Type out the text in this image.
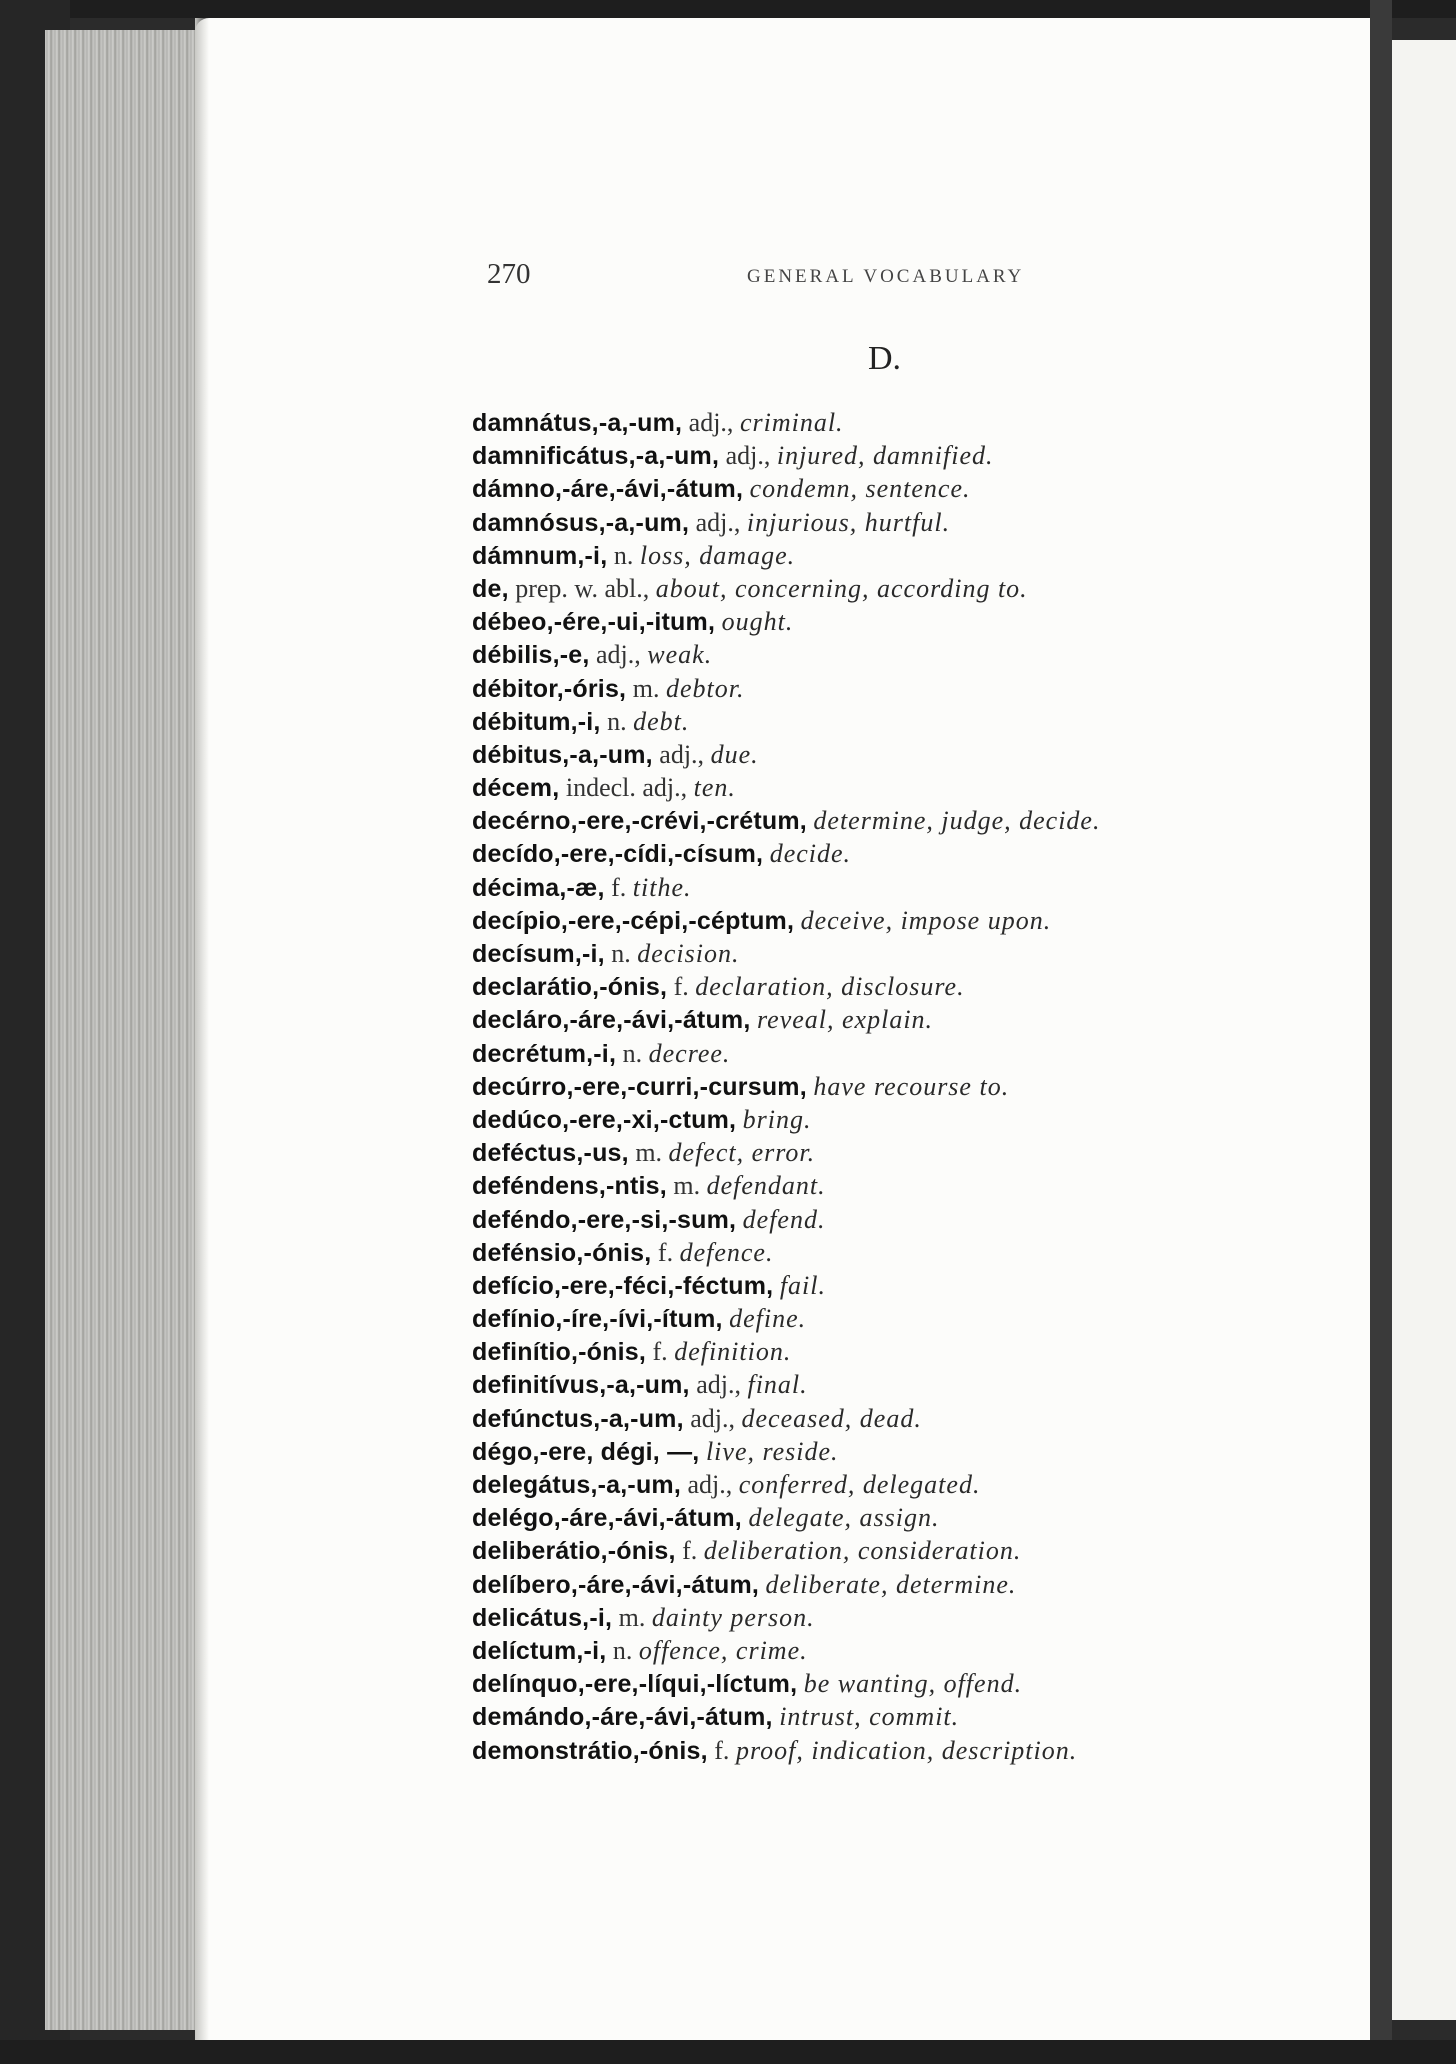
270	GENERAL VOCABULARY
D.
damnátus,-a,-um, adj., criminal.
damnificátus,-a,-um, adj., injured, damnified.
dámno,-áre,-ávi,-átum, condemn, sentence.
damnósus,-a,-um, adj., injurious, hurtful.
dámnum,-i, n. loss, damage.
de, prep. w. abl., about, concerning, according to.
débeo,-ére,-ui,-itum, ought.
débilis,-e, adj., weak.
débitor,-óris, m. debtor.
débitum,-i, n. debt.
débitus,-a,-um, adj., due.
décem, indecl. adj., ten.
decérno,-ere,-crévi,-crétum, determine, judge, decide.
decído,-ere,-cídi,-císum, decide.
décima,-æ, f. tithe.
decípio,-ere,-cépi,-céptum, deceive, impose upon.
decísum,-i, n. decision.
declarátio,-ónis, f. declaration, disclosure.
decláro,-áre,-ávi,-átum, reveal, explain.
decrétum,-i, n. decree.
decúrro,-ere,-curri,-cursum, have recourse to.
dedúco,-ere,-xi,-ctum, bring.
deféctus,-us, m. defect, error.
deféndens,-ntis, m. defendant.
deféndo,-ere,-si,-sum, defend.
defénsio,-ónis, f. defence.
defício,-ere,-féci,-féctum, fail.
defínio,-íre,-ívi,-ítum, define.
definítio,-ónis, f. definition.
definitívus,-a,-um, adj., final.
defúnctus,-a,-um, adj., deceased, dead.
dégo,-ere, dégi, —, live, reside.
delegátus,-a,-um, adj., conferred, delegated.
delégo,-áre,-ávi,-átum, delegate, assign.
deliberátio,-ónis, f. deliberation, consideration.
delíbero,-áre,-ávi,-átum, deliberate, determine.
delicátus,-i, m. dainty person.
delíctum,-i, n. offence, crime.
delínquo,-ere,-líqui,-líctum, be wanting, offend.
demándo,-áre,-ávi,-átum, intrust, commit.
demonstrátio,-ónis, f. proof, indication, description.
